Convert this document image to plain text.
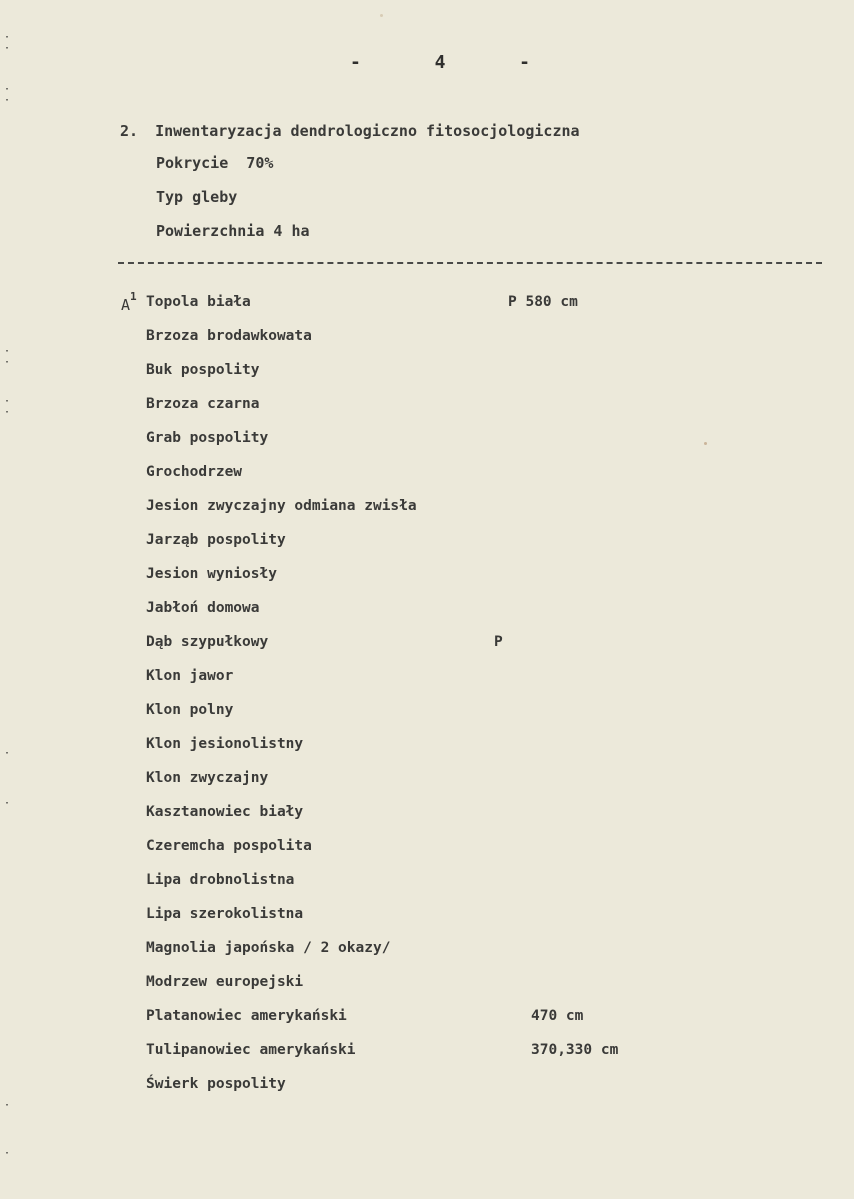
-	4	-
2. Inwentaryzacja dendrologiczno fitosocjologiczna
Pokrycie  70%
Typ gleby
Powierzchnia 4 ha
$A^1$ Topola biała	P 580 cm
Brzoza brodawkowata
Buk pospolity
Brzoza czarna
Grab pospolity
Grochodrzew
Jesion zwyczajny odmiana zwisła
Jarząb pospolity
Jesion wyniosły
Jabłoń domowa
Dąb szypułkowy	P
Klon jawor
Klon polny
Klon jesionolistny
Klon zwyczajny
Kasztanowiec biały
Czeremcha pospolita
Lipa drobnolistna
Lipa szerokolistna
Magnolia japońska / 2 okazy/
Modrzew europejski
Platanowiec amerykański	470 cm
Tulipanowiec amerykański	370,330 cm
Świerk pospolity
· ·
· ·
· ·
· ·
·
·
·
·
